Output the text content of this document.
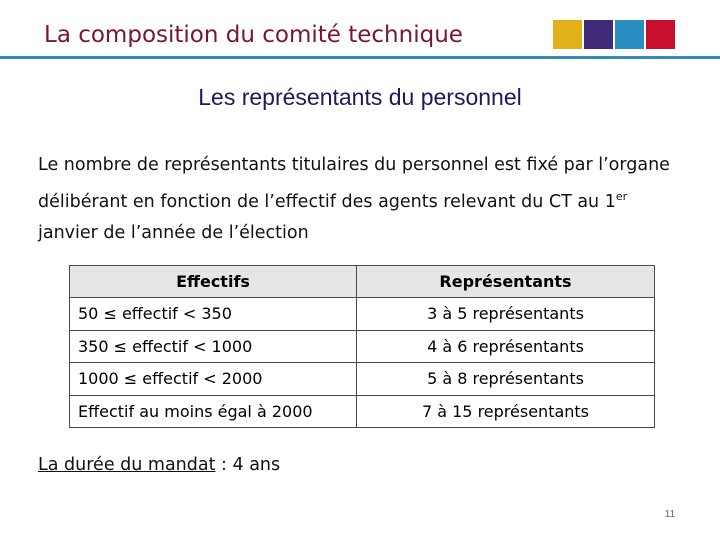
La composition du comité technique
Les représentants du personnel

Le nombre de représentants titulaires du personnel est fixé par l’organe délibérant en fonction de l’effectif des agents relevant du CT au 1er janvier de l’année de l’élection

Effectifs	Représentants
50 ≤ effectif < 350	3 à 5 représentants
350 ≤ effectif < 1000	4 à 6 représentants
1000 ≤ effectif < 2000	5 à 8 représentants
Effectif au moins égal à 2000	7 à 15 représentants

La durée du mandat : 4 ans

11
